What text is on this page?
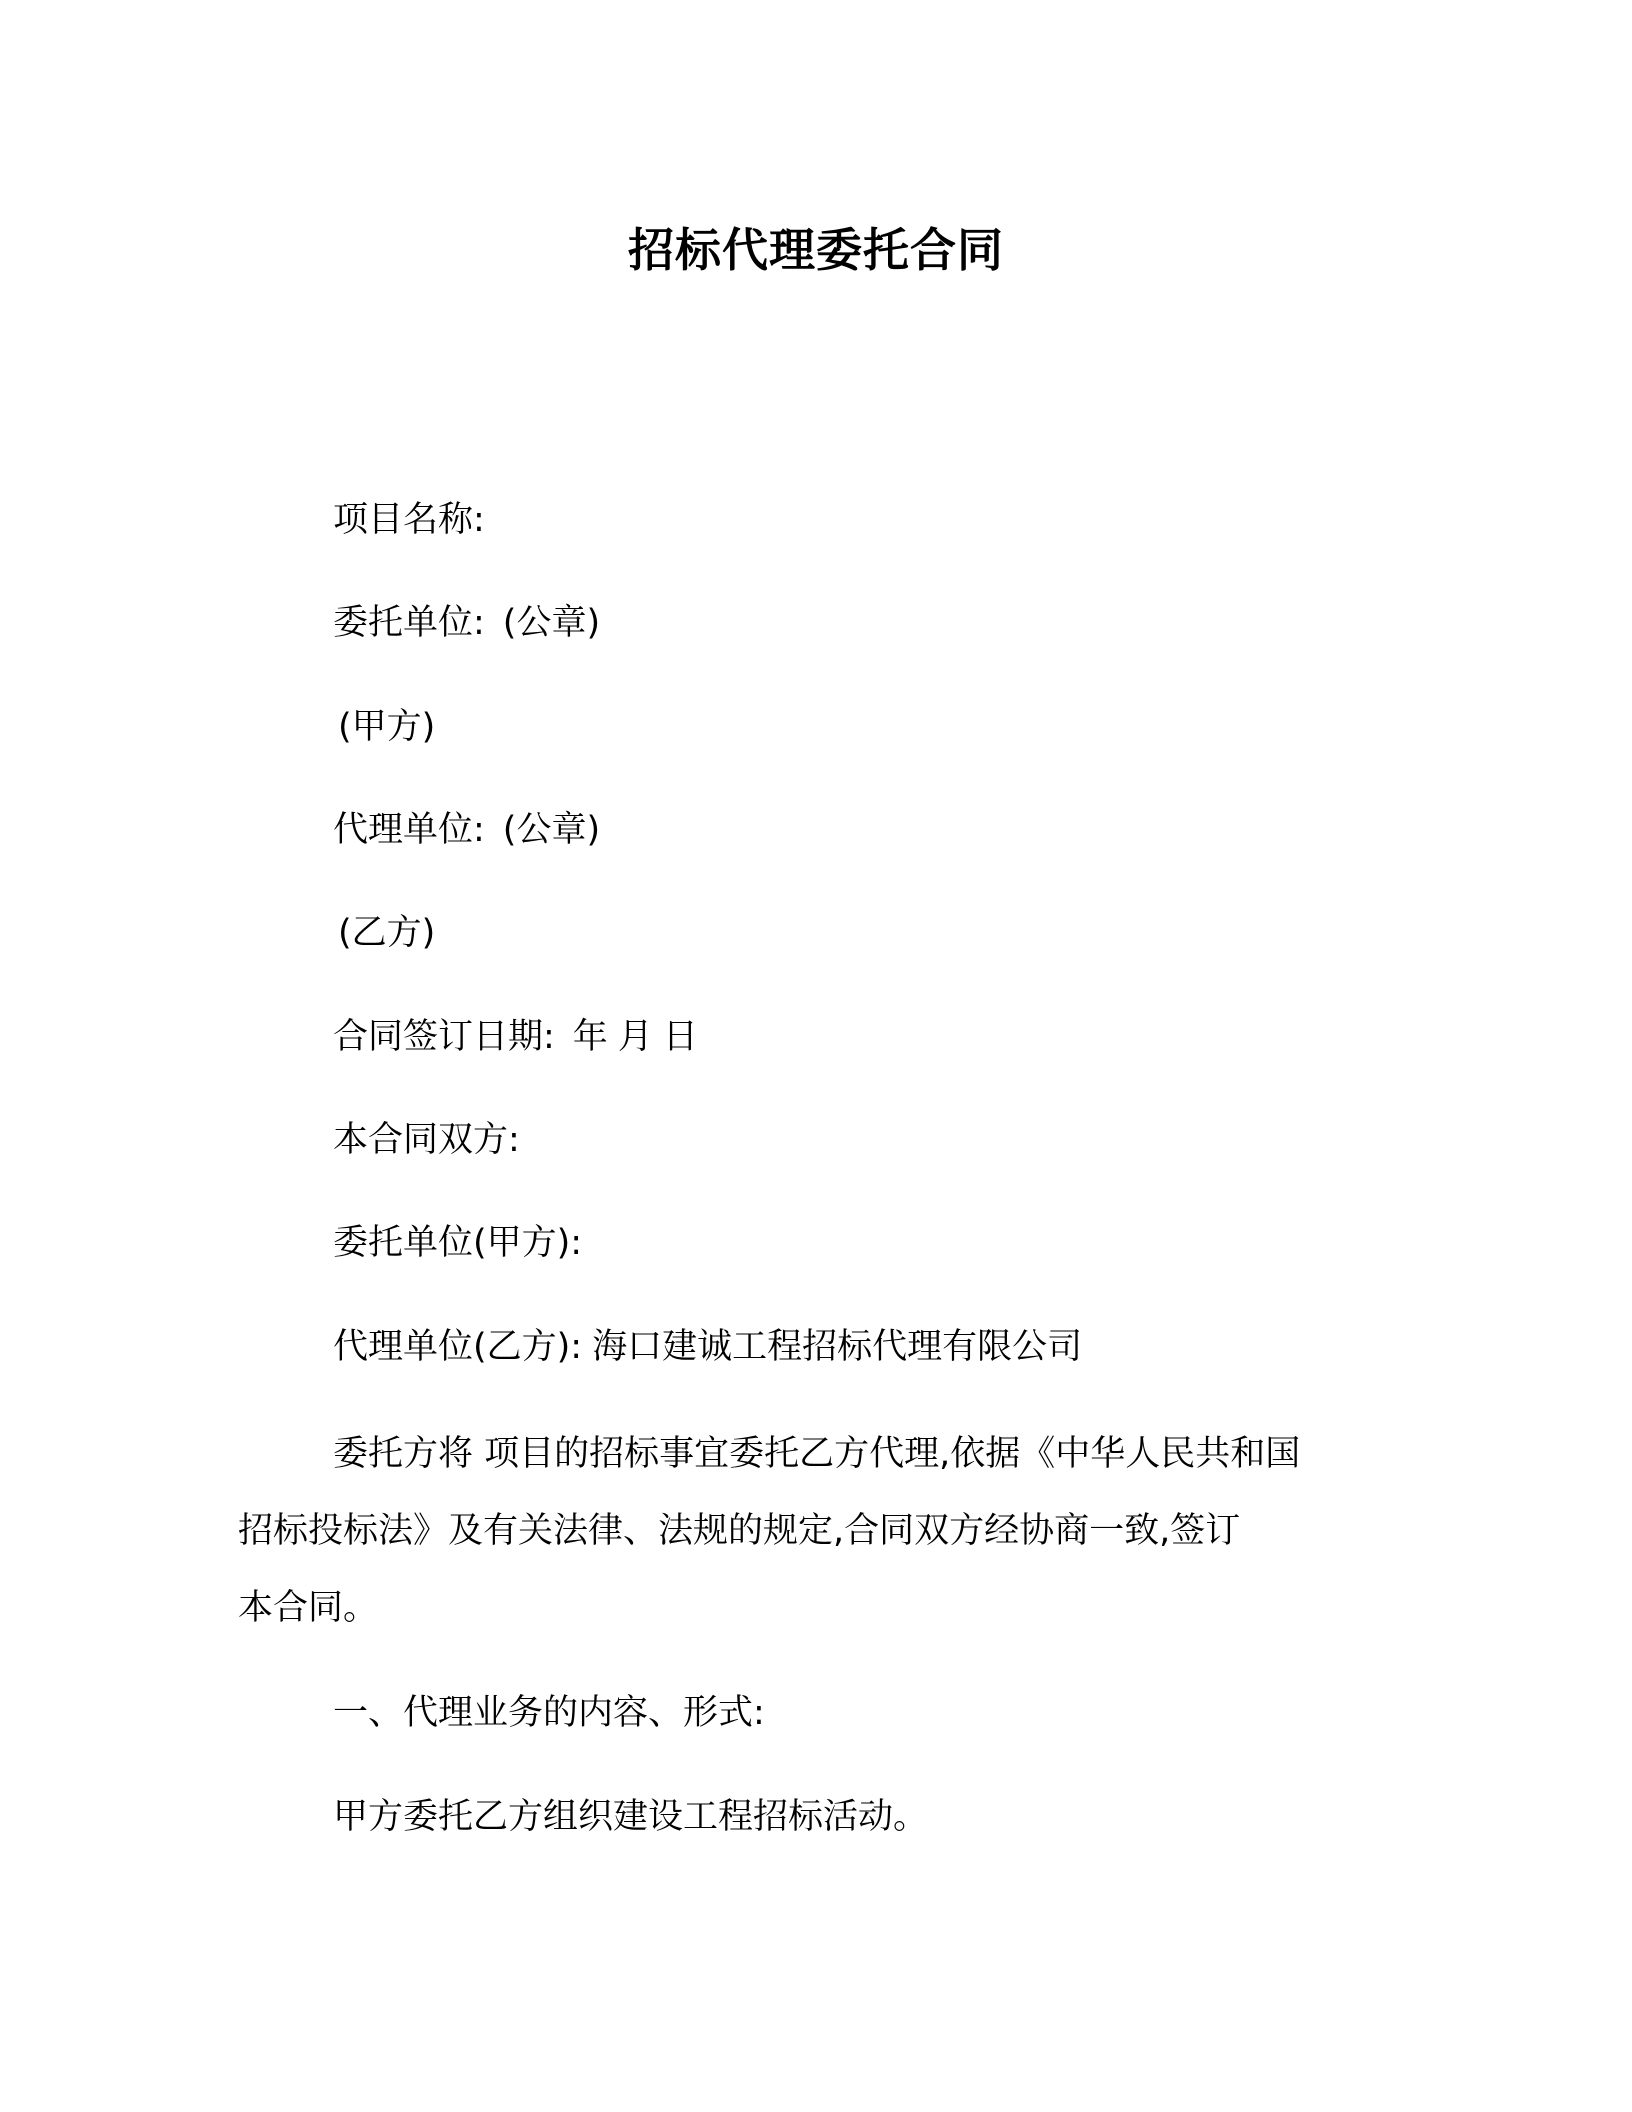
招标代理委托合同
项目名称:
委托单位: (公章)
(甲方)
代理单位: (公章)
(乙方)
合同签订日期: 年 月 日
本合同双方:
委托单位(甲方):
代理单位(乙方): 海口建诚工程招标代理有限公司
委托方将 项目的招标事宜委托乙方代理,依据《中华人民共和国
招标投标法》及有关法律、法规的规定,合同双方经协商一致,签订
本合同。
一、代理业务的内容、形式:
甲方委托乙方组织建设工程招标活动。
